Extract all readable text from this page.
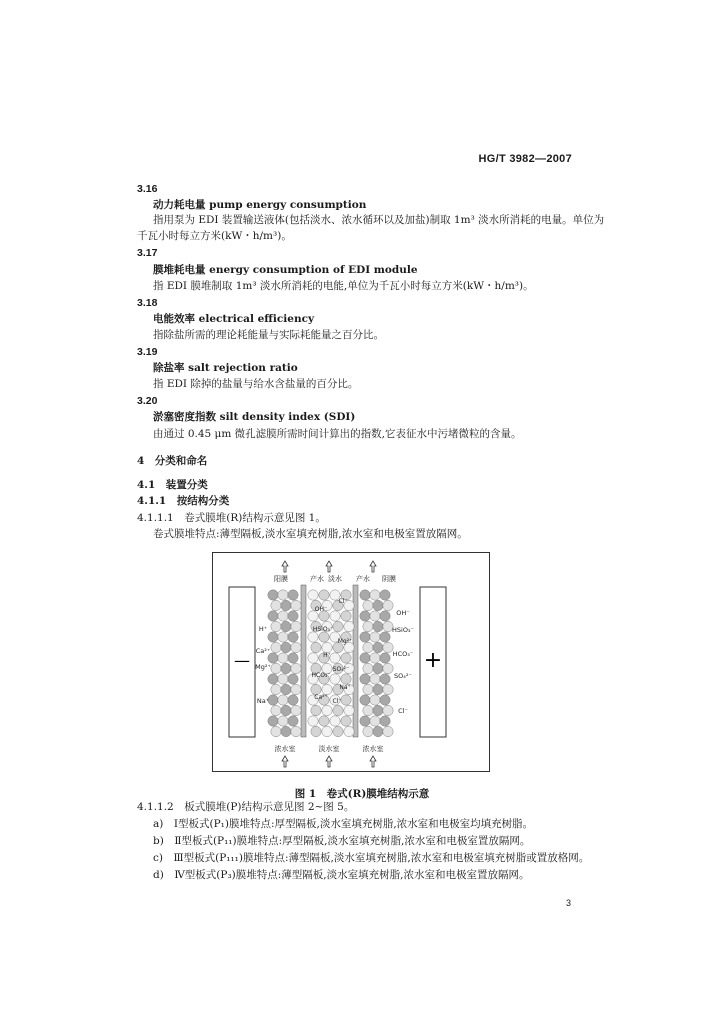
HG/T 3982—2007
3.16
动力耗电量 pump energy consumption
指用泵为 EDI 装置输送液体(包括淡水、浓水循环以及加盐)制取 1m³ 淡水所消耗的电量。单位为
千瓦小时每立方米(kW・h/m³)。
3.17
膜堆耗电量 energy consumption of EDI module
指 EDI 膜堆制取 1m³ 淡水所消耗的电能,单位为千瓦小时每立方米(kW・h/m³)。
3.18
电能效率 electrical efficiency
指除盐所需的理论耗能量与实际耗能量之百分比。
3.19
除盐率 salt rejection ratio
指 EDI 除掉的盐量与给水含盐量的百分比。
3.20
淤塞密度指数 silt density index (SDI)
由通过 0.45 μm 微孔滤膜所需时间计算出的指数,它表征水中污堵微粒的含量。
4　分类和命名
4.1　装置分类
4.1.1　按结构分类
4.1.1.1　卷式膜堆(R)结构示意见图 1。
卷式膜堆特点:薄型隔板,淡水室填充树脂,浓水室和电极室置放隔网。
—	+
阳膜	产水 淡水 产水 阴膜
浓水室	淡水室	浓水室
H⁺
Ca²⁺
Mg²⁺
Na⁺
OH⁻
HSiO₃⁻
HCO₃⁻
SO₄²⁻
Cl⁻
OH⁻
Cl⁻
HSiO₃⁻
Mg²⁺
H⁺
HCO₃⁻
SO₄²⁻
Na⁺
Cl⁻
Ca²⁺
图 1　卷式(R)膜堆结构示意
4.1.1.2　板式膜堆(P)结构示意见图 2~图 5。
a)　Ⅰ型板式(P₁)膜堆特点:厚型隔板,淡水室填充树脂,浓水室和电极室均填充树脂。
b)　Ⅱ型板式(P₁₁)膜堆特点:厚型隔板,淡水室填充树脂,浓水室和电极室置放隔网。
c)　Ⅲ型板式(P₁₁₁)膜堆特点:薄型隔板,淡水室填充树脂,浓水室和电极室填充树脂或置放格网。
d)　Ⅳ型板式(P₃)膜堆特点:薄型隔板,淡水室填充树脂,浓水室和电极室置放隔网。
3
